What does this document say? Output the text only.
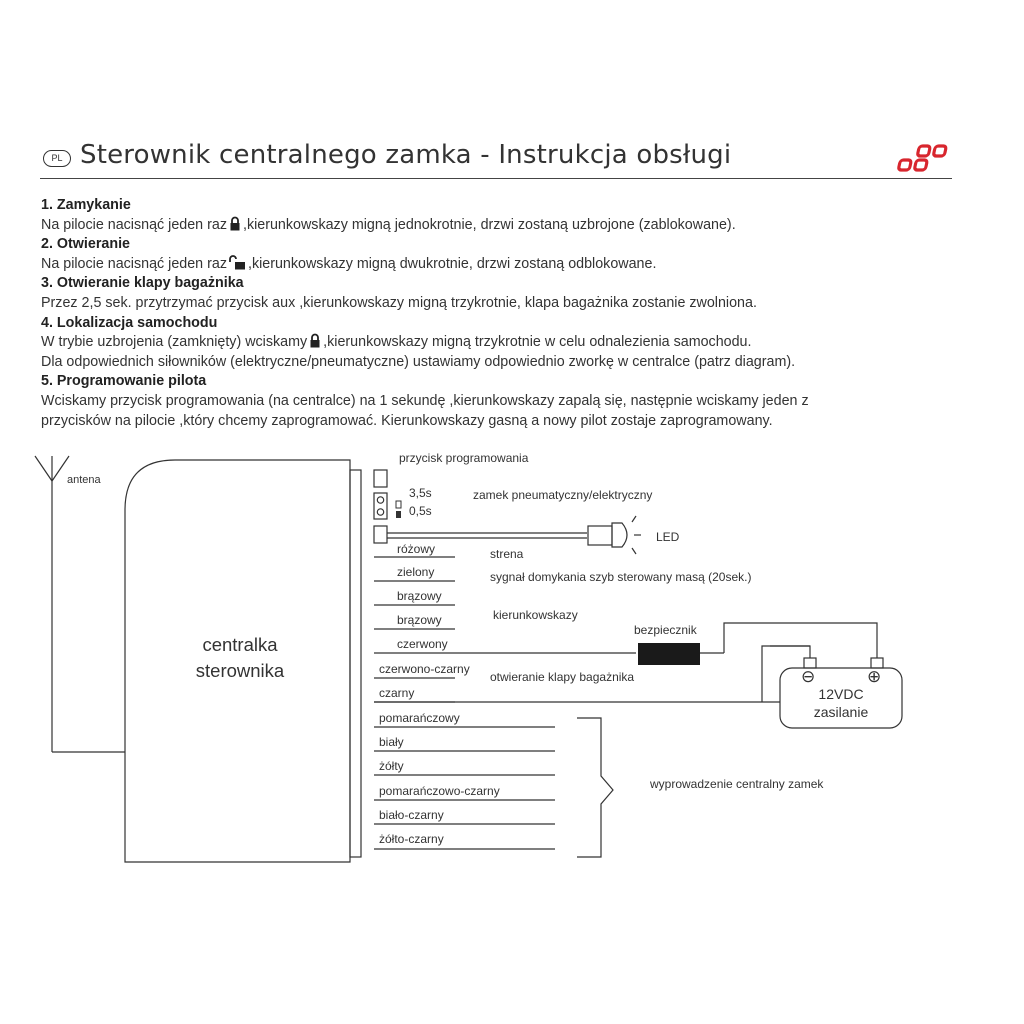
PL Sterownik centralnego zamka - Instrukcja obsługi

1. Zamykanie

Na pilocie nacisnąć jeden raz ,kierunkowskazy migną jednokrotnie, drzwi zostaną uzbrojone (zablokowane).

2. Otwieranie

Na pilocie nacisnąć jeden raz ,kierunkowskazy migną dwukrotnie, drzwi zostaną odblokowane.

3. Otwieranie klapy bagażnika

Przez 2,5 sek. przytrzymać przycisk aux ,kierunkowskazy migną trzykrotnie, klapa bagażnika zostanie zwolniona.

4. Lokalizacja samochodu

W trybie uzbrojenia (zamknięty) wciskamy ,kierunkowskazy migną trzykrotnie w celu odnalezienia samochodu.

Dla odpowiednich siłowników (elektryczne/pneumatyczne) ustawiamy odpowiednio zworkę w centralce (patrz diagram).

5. Programowanie pilota

Wciskamy przycisk programowania (na centralce) na 1 sekundę ,kierunkowskazy zapalą się, następnie wciskamy jeden z

przycisków na pilocie ,który chcemy zaprogramować. Kierunkowskazy gasną a nowy pilot zostaje zaprogramowany.

antena
centralka
sterownika
przycisk programowania
3,5s
0,5s
zamek pneumatyczny/elektryczny
LED
różowy
zielony
brązowy
brązowy
czerwony
czerwono-czarny
czarny
pomarańczowy
biały
żółty
pomarańczowo-czarny
biało-czarny
żółto-czarny
strena
sygnał domykania szyb sterowany masą (20sek.)
kierunkowskazy
bezpiecznik
otwieranie klapy bagażnika
wyprowadzenie centralny zamek
⊖	⊕
12VDC
zasilanie
